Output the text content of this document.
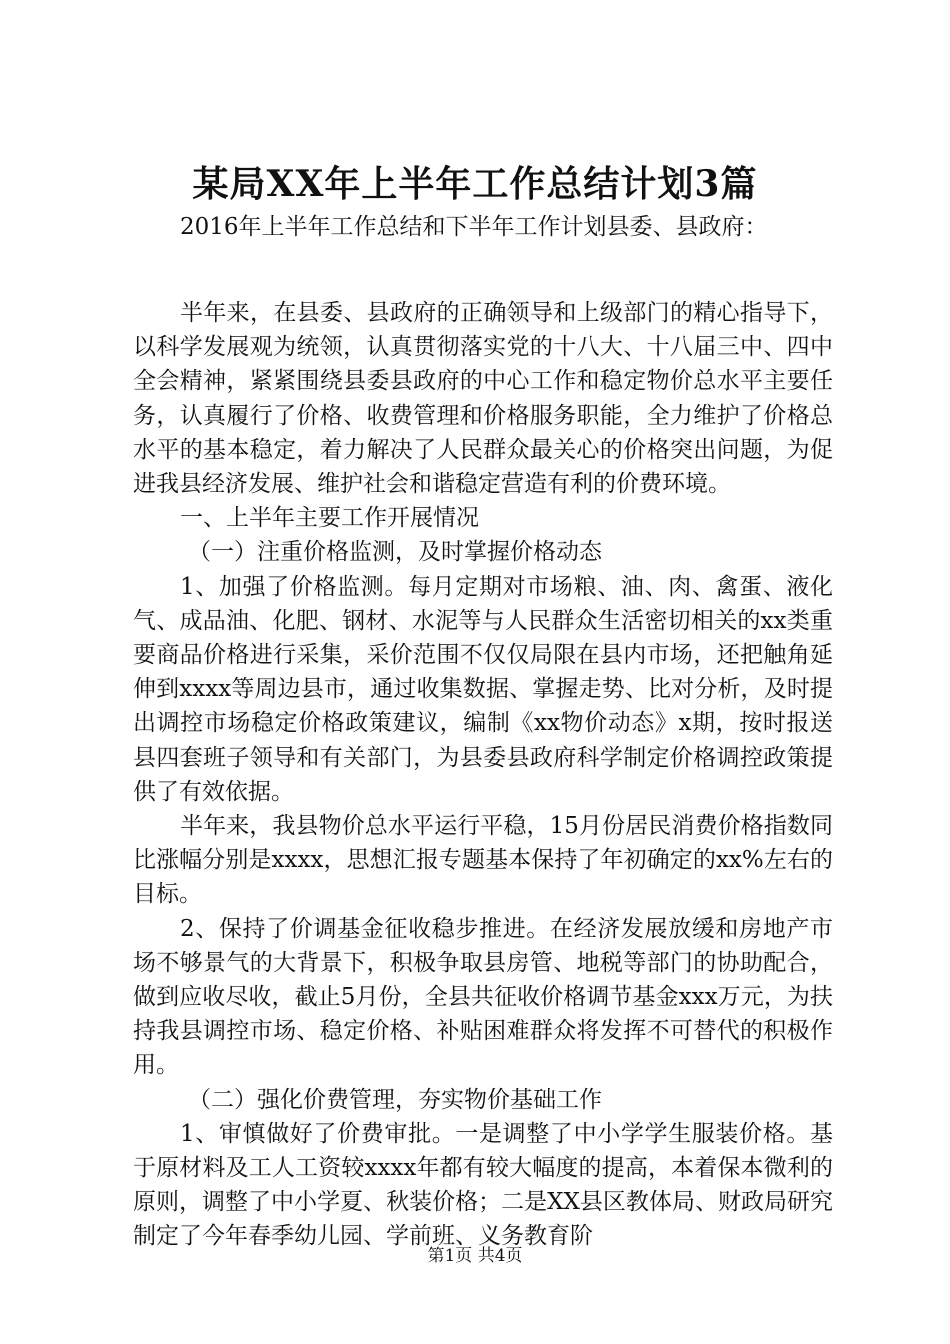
某局XX年上半年工作总结计划3篇
2016年上半年工作总结和下半年工作计划县委、县政府：

半年来，在县委、县政府的正确领导和上级部门的精心指导下，以科学发展观为统领，认真贯彻落实党的十八大、十八届三中、四中全会精神，紧紧围绕县委县政府的中心工作和稳定物价总水平主要任务，认真履行了价格、收费管理和价格服务职能，全力维护了价格总水平的基本稳定，着力解决了人民群众最关心的价格突出问题，为促进我县经济发展、维护社会和谐稳定营造有利的价费环境。

一、上半年主要工作开展情况

（一）注重价格监测，及时掌握价格动态

1、加强了价格监测。每月定期对市场粮、油、肉、禽蛋、液化气、成品油、化肥、钢材、水泥等与人民群众生活密切相关的xx类重要商品价格进行采集，采价范围不仅仅局限在县内市场，还把触角延伸到xxxx等周边县市，通过收集数据、掌握走势、比对分析，及时提出调控市场稳定价格政策建议，编制《xx物价动态》x期，按时报送县四套班子领导和有关部门，为县委县政府科学制定价格调控政策提供了有效依据。

半年来，我县物价总水平运行平稳，15月份居民消费价格指数同比涨幅分别是xxxx，思想汇报专题基本保持了年初确定的xx%左右的目标。

2、保持了价调基金征收稳步推进。在经济发展放缓和房地产市场不够景气的大背景下，积极争取县房管、地税等部门的协助配合，做到应收尽收，截止5月份，全县共征收价格调节基金xxx万元，为扶持我县调控市场、稳定价格、补贴困难群众将发挥不可替代的积极作用。

（二）强化价费管理，夯实物价基础工作

1、审慎做好了价费审批。一是调整了中小学学生服装价格。基于原材料及工人工资较xxxx年都有较大幅度的提高，本着保本微利的原则，调整了中小学夏、秋装价格；二是XX县区教体局、财政局研究制定了今年春季幼儿园、学前班、义务教育阶

第1页 共4页
